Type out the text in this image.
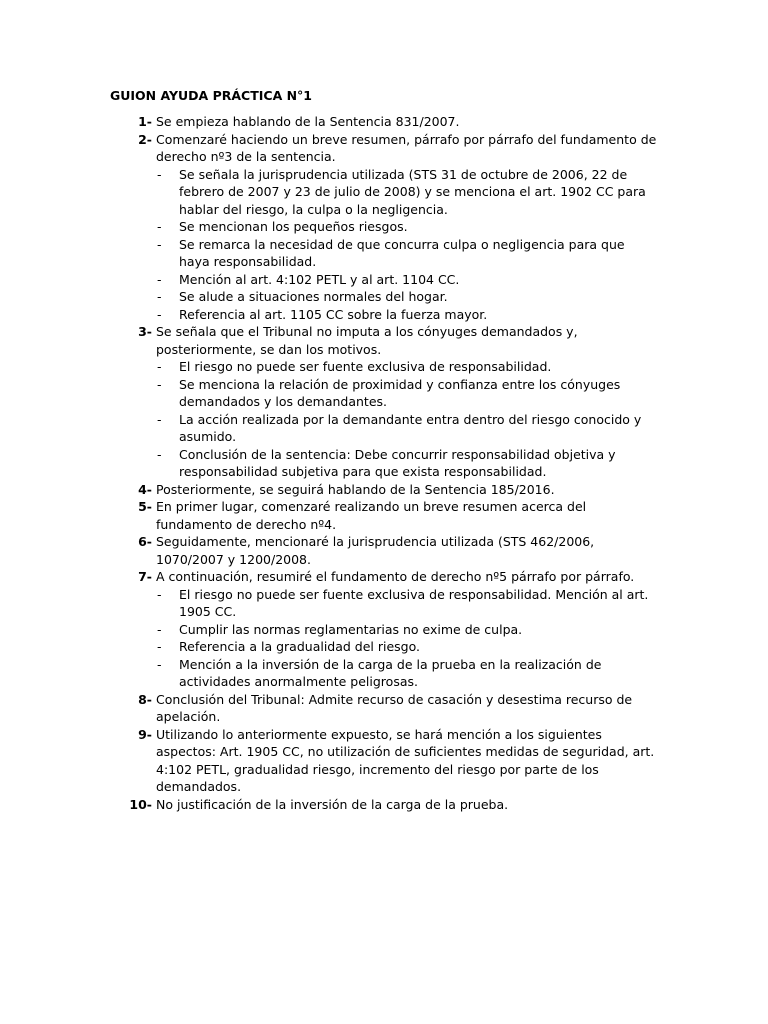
GUION AYUDA PRÁCTICA N°1
1- Se empieza hablando de la Sentencia 831/2007.
2- Comenzaré haciendo un breve resumen, párrafo por párrafo del fundamento de derecho nº3 de la sentencia.
- Se señala la jurisprudencia utilizada (STS 31 de octubre de 2006, 22 de febrero de 2007 y 23 de julio de 2008) y se menciona el art. 1902 CC para hablar del riesgo, la culpa o la negligencia.
- Se mencionan los pequeños riesgos.
- Se remarca la necesidad de que concurra culpa o negligencia para que haya responsabilidad.
- Mención al art. 4:102 PETL y al art. 1104 CC.
- Se alude a situaciones normales del hogar.
- Referencia al art. 1105 CC sobre la fuerza mayor.
3- Se señala que el Tribunal no imputa a los cónyuges demandados y, posteriormente, se dan los motivos.
- El riesgo no puede ser fuente exclusiva de responsabilidad.
- Se menciona la relación de proximidad y confianza entre los cónyuges demandados y los demandantes.
- La acción realizada por la demandante entra dentro del riesgo conocido y asumido.
- Conclusión de la sentencia: Debe concurrir responsabilidad objetiva y responsabilidad subjetiva para que exista responsabilidad.
4- Posteriormente, se seguirá hablando de la Sentencia 185/2016.
5- En primer lugar, comenzaré realizando un breve resumen acerca del fundamento de derecho nº4.
6- Seguidamente, mencionaré la jurisprudencia utilizada (STS 462/2006, 1070/2007 y 1200/2008.
7- A continuación, resumiré el fundamento de derecho nº5 párrafo por párrafo.
- El riesgo no puede ser fuente exclusiva de responsabilidad. Mención al art. 1905 CC.
- Cumplir las normas reglamentarias no exime de culpa.
- Referencia a la gradualidad del riesgo.
- Mención a la inversión de la carga de la prueba en la realización de actividades anormalmente peligrosas.
8- Conclusión del Tribunal: Admite recurso de casación y desestima recurso de apelación.
9- Utilizando lo anteriormente expuesto, se hará mención a los siguientes aspectos: Art. 1905 CC, no utilización de suficientes medidas de seguridad, art. 4:102 PETL, gradualidad riesgo, incremento del riesgo por parte de los demandados.
10- No justificación de la inversión de la carga de la prueba.
